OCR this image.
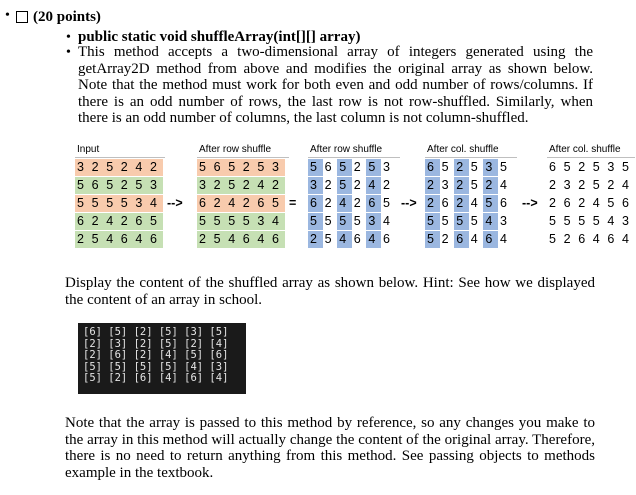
• (20 points)
• public static void shuffleArray(int[][] array)
• This method accepts a two-dimensional array of integers generated using the getArray2D method from above and modifies the original array as shown below. Note that the method must work for both even and odd number of rows/columns. If there is an odd number of rows, the last row is not row-shuffled. Similarly, when there is an odd number of columns, the last column is not column-shuffled.
Input
3 2 5 2 4 2
5 6 5 2 5 3
5 5 5 5 3 4
6 2 4 2 6 5
2 5 4 6 4 6
After row shuffle
5 6 5 2 5 3
3 2 5 2 4 2
6 2 4 2 6 5
5 5 5 5 3 4
2 5 4 6 4 6
After row shuffle
5 6 5 2 5 3
3 2 5 2 4 2
6 2 4 2 6 5
5 5 5 5 3 4
2 5 4 6 4 6
After col. shuffle
6 5 2 5 3 5
2 3 2 5 2 4
2 6 2 4 5 6
5 5 5 5 4 3
5 2 6 4 6 4
After col. shuffle
6 5 2 5 3 5
2 3 2 5 2 4
2 6 2 4 5 6
5 5 5 5 4 3
5 2 6 4 6 4
-->	=	-->	-->
Display the content of the shuffled array as shown below. Hint: See how we displayed the content of an array in school.
[6] [5] [2] [5] [3] [5]
[2] [3] [2] [5] [2] [4]
[2] [6] [2] [4] [5] [6]
[5] [5] [5] [5] [4] [3]
[5] [2] [6] [4] [6] [4]
Note that the array is passed to this method by reference, so any changes you make to the array in this method will actually change the content of the original array. Therefore, there is no need to return anything from this method. See passing objects to methods example in the textbook.
